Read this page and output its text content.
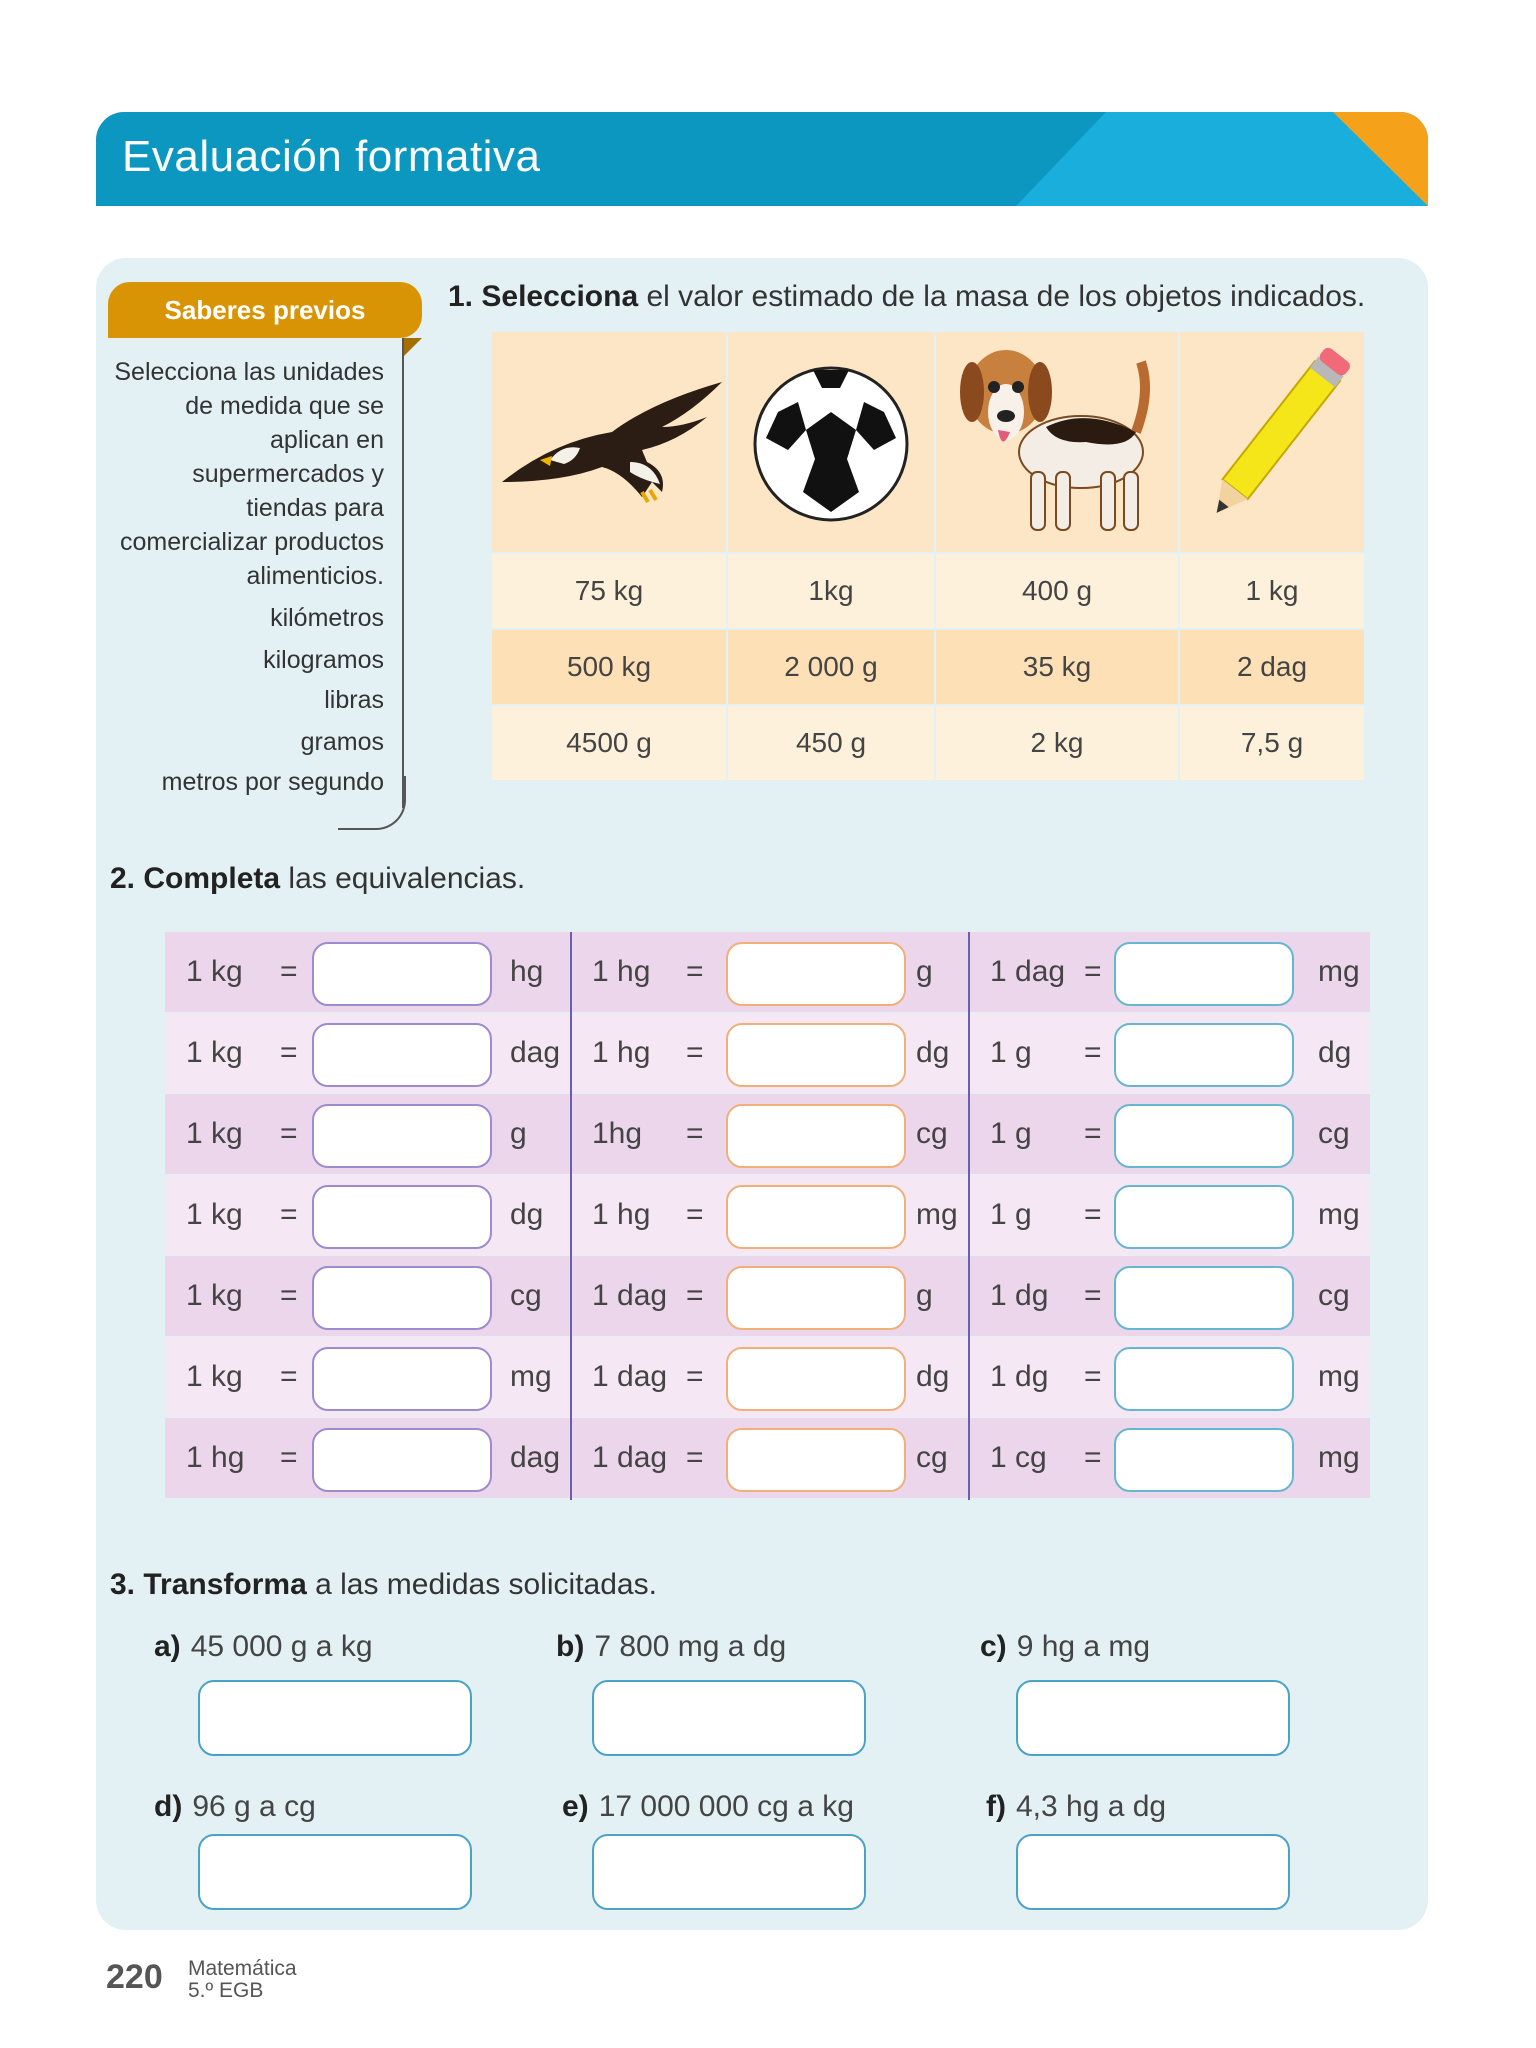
Evaluación formativa
DUA
Acción y expresión
Saberes previos
Selecciona las unidades
de medida que se
aplican en
supermercados y
tiendas para
comercializar productos
alimenticios.
kilómetros
kilogramos
libras
gramos
metros por segundo
1. Selecciona el valor estimado de la masa de los objetos indicados.
75 kg	1kg	400 g	1 kg
500 kg	2 000 g	35 kg	2 dag
4500 g	450 g	2 kg	7,5 g
2. Completa las equivalencias.
1 kg =	hg 1 hg =	g 1 dag =	mg
1 kg =	dag 1 hg =	dg 1 g =	dg
1 kg =	g 1hg =	cg 1 g =	cg
1 kg =	dg 1 hg =	mg 1 g =	mg
1 kg =	cg 1 dag =	g 1 dg =	cg
1 kg =	mg 1 dag =	dg 1 dg =	mg
1 hg =	dag 1 dag =	cg 1 cg =	mg
3. Transforma a las medidas solicitadas.
a) 45 000 g a kg	b) 7 800 mg a dg	c) 9 hg a mg
d) 96 g a cg	e) 17 000 000 cg a kg	f) 4,3 hg a dg
220 Matemática
5.º EGB
